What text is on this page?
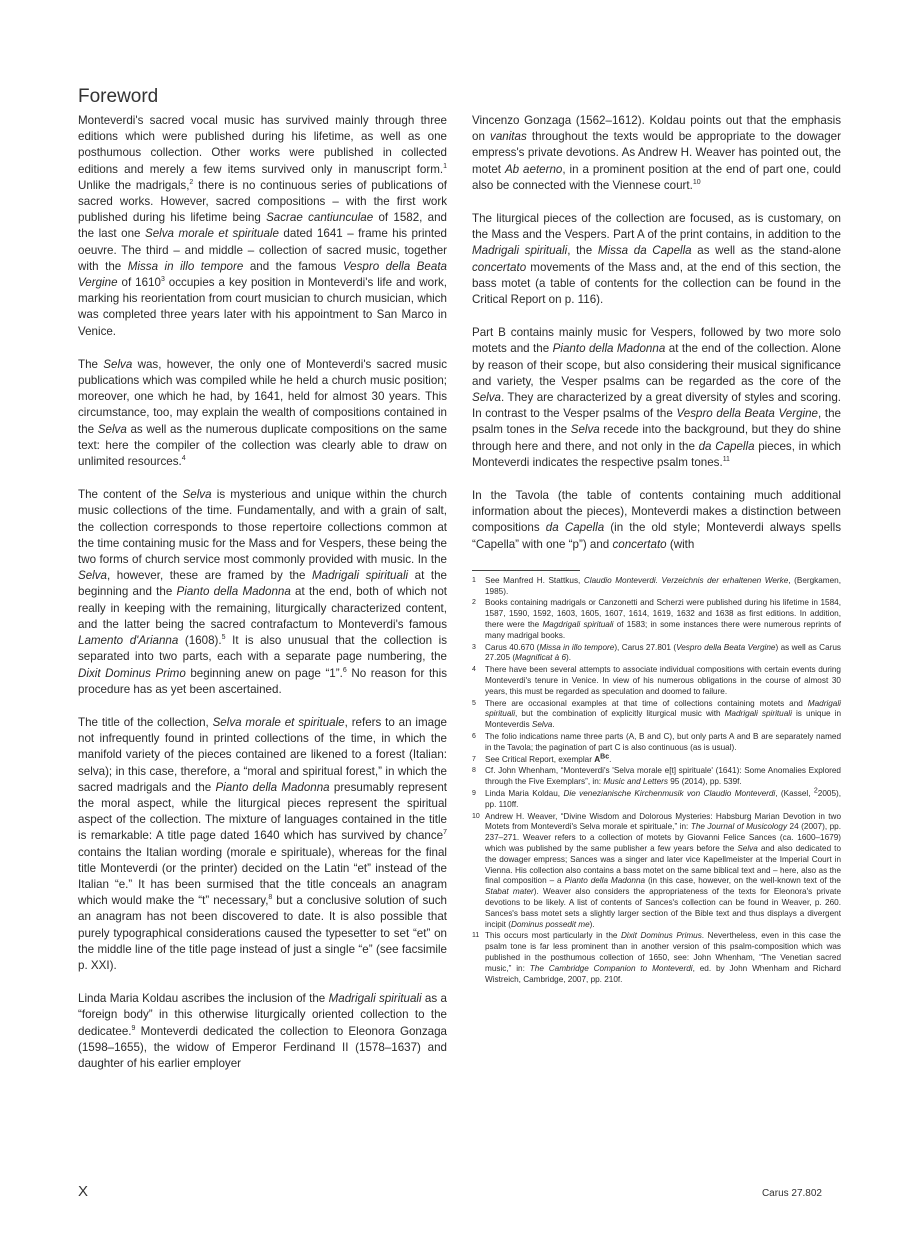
Foreword

Monteverdi's sacred vocal music has survived mainly through three editions which were published during his lifetime, as well as one posthumous collection. Other works were published in collected editions and merely a few items survived only in manuscript form.$^1$ Unlike the madrigals,$^2$ there is no continuous series of publications of sacred works. However, sacred compositions – with the first work published during his lifetime being Sacrae cantiunculae of 1582, and the last one Selva morale et spirituale dated 1641 – frame his printed oeuvre. The third – and middle – collection of sacred music, together with the Missa in illo tempore and the famous Vespro della Beata Vergine of 1610$^3$ occupies a key position in Monteverdi's life and work, marking his reorientation from court musician to church musician, which was completed three years later with his appointment to San Marco in Venice.

The Selva was, however, the only one of Monteverdi's sacred music publications which was compiled while he held a church music position; moreover, one which he had, by 1641, held for almost 30 years. This circumstance, too, may explain the wealth of compositions contained in the Selva as well as the numerous duplicate compositions on the same text: here the compiler of the collection was clearly able to draw on unlimited resources.$^4$

The content of the Selva is mysterious and unique within the church music collections of the time. Fundamentally, and with a grain of salt, the collection corresponds to those repertoire collections common at the time containing music for the Mass and for Vespers, these being the two forms of church service most commonly provided with music. In the Selva, however, these are framed by the Madrigali spirituali at the beginning and the Pianto della Madonna at the end, both of which not really in keeping with the remaining, liturgically characterized content, and the latter being the sacred contrafactum to Monteverdi's famous Lamento d'Arianna (1608).$^5$ It is also unusual that the collection is separated into two parts, each with a separate page numbering, the Dixit Dominus Primo beginning anew on page “1”.$^6$ No reason for this procedure has as yet been ascertained.

The title of the collection, Selva morale et spirituale, refers to an image not infrequently found in printed collections of the time, in which the manifold variety of the pieces contained are likened to a forest (Italian: selva); in this case, therefore, a “moral and spiritual forest,” in which the sacred madrigals and the Pianto della Madonna presumably represent the moral aspect, while the liturgical pieces represent the spiritual aspect of the collection. The mixture of languages contained in the title is remarkable: A title page dated 1640 which has survived by chance$^7$ contains the Italian wording (morale e spirituale), whereas for the final title Monteverdi (or the printer) decided on the Latin “et” instead of the Italian “e.” It has been surmised that the title conceals an anagram which would make the “t” necessary,$^8$ but a conclusive solution of such an anagram has not been discovered to date. It is also possible that purely typographical considerations caused the typesetter to set “et” on the middle line of the title page instead of just a single “e” (see facsimile p. XXI).

Linda Maria Koldau ascribes the inclusion of the Madrigali spirituali as a “foreign body” in this otherwise liturgically oriented collection to the dedicatee.$^9$ Monteverdi dedicated the collection to Eleonora Gonzaga (1598–1655), the widow of Emperor Ferdinand II (1578–1637) and daughter of his earlier employer

Vincenzo Gonzaga (1562–1612). Koldau points out that the emphasis on vanitas throughout the texts would be appropriate to the dowager empress's private devotions. As Andrew H. Weaver has pointed out, the motet Ab aeterno, in a prominent position at the end of part one, could also be connected with the Viennese court.$^{10}$

The liturgical pieces of the collection are focused, as is customary, on the Mass and the Vespers. Part A of the print contains, in addition to the Madrigali spirituali, the Missa da Capella as well as the stand-alone concertato movements of the Mass and, at the end of this section, the bass motet (a table of contents for the collection can be found in the Critical Report on p. 116).

Part B contains mainly music for Vespers, followed by two more solo motets and the Pianto della Madonna at the end of the collection. Alone by reason of their scope, but also considering their musical significance and variety, the Vesper psalms can be regarded as the core of the Selva. They are characterized by a great diversity of styles and scoring. In contrast to the Vesper psalms of the Vespro della Beata Vergine, the psalm tones in the Selva recede into the background, but they do shine through here and there, and not only in the da Capella pieces, in which Monteverdi indicates the respective psalm tones.$^{11}$

In the Tavola (the table of contents containing much additional information about the pieces), Monteverdi makes a distinction between compositions da Capella (in the old style; Monteverdi always spells “Capella” with one “p”) and concertato (with

1 See Manfred H. Stattkus, Claudio Monteverdi. Verzeichnis der erhaltenen Werke, (Bergkamen, 1985).
2 Books containing madrigals or Canzonetti and Scherzi were published during his lifetime in 1584, 1587, 1590, 1592, 1603, 1605, 1607, 1614, 1619, 1632 and 1638 as first editions. In addition, there were the Magdrigali spirituali of 1583; in some instances there were numerous reprints of many madrigal books.
3 Carus 40.670 (Missa in illo tempore), Carus 27.801 (Vespro della Beata Vergine) as well as Carus 27.205 (Magnificat à 6).
4 There have been several attempts to associate individual compositions with certain events during Monteverdi's tenure in Venice. In view of his numerous obligations in the course of almost 30 years, this must be regarded as speculation and doomed to failure.
5 There are occasional examples at that time of collections containing motets and Madrigali spirituali, but the combination of explicitly liturgical music with Madrigali spirituali is unique in Monteverdis Selva.
6 The folio indications name three parts (A, B and C), but only parts A and B are separately named in the Tavola; the pagination of part C is also continuous (as is usual).
7 See Critical Report, exemplar $A^{Bc}$.
8 Cf. John Whenham, “Monteverdi's 'Selva morale e[t] spirituale' (1641): Some Anomalies Explored through the Five Exemplars”, in: Music and Letters 95 (2014), pp. 539f.
9 Linda Maria Koldau, Die venezianische Kirchenmusik von Claudio Monteverdi, (Kassel, $^2$2005), pp. 110ff.
10 Andrew H. Weaver, “Divine Wisdom and Dolorous Mysteries: Habsburg Marian Devotion in two Motets from Monteverdi's Selva morale et spirituale,” in: The Journal of Musicology 24 (2007), pp. 237–271. Weaver refers to a collection of motets by Giovanni Felice Sances (ca. 1600–1679) which was published by the same publisher a few years before the Selva and also dedicated to the dowager empress; Sances was a singer and later vice Kapellmeister at the Imperial Court in Vienna. His collection also contains a bass motet on the same biblical text and – here, also as the final composition – a Pianto della Madonna (in this case, however, on the well-known text of the Stabat mater). Weaver also considers the appropriateness of the texts for Eleonora's private devotions to be likely. A list of contents of Sances's collection can be found in Weaver, p. 260. Sances's bass motet sets a slightly larger section of the Bible text and thus displays a divergent incipit (Dominus possedit me).
11 This occurs most particularly in the Dixit Dominus Primus. Nevertheless, even in this case the psalm tone is far less prominent than in another version of this psalm-composition which was published in the posthumous collection of 1650, see: John Whenham, “The Venetian sacred music,” in: The Cambridge Companion to Monteverdi, ed. by John Whenham and Richard Wistreich, Cambridge, 2007, pp. 210f.
X	Carus 27.802
